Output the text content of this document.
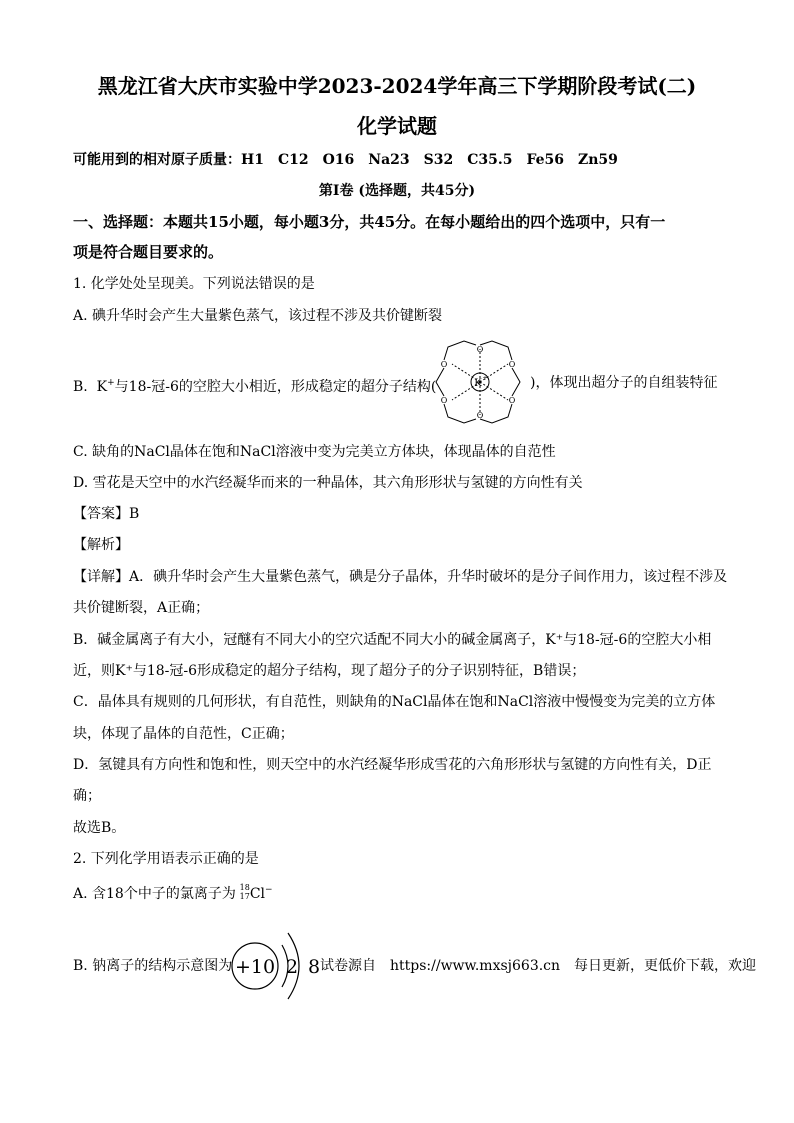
黑龙江省大庆市实验中学2023-2024学年高三下学期阶段考试(二)
化学试题
可能用到的相对原子质量：H1　C12　O16　Na23　S32　C35.5　Fe56　Zn59
第Ⅰ卷 (选择题，共45分)
一、选择题：本题共15小题，每小题3分，共45分。在每小题给出的四个选项中，只有一
项是符合题目要求的。
1. 化学处处呈现美。下列说法错误的是
A. 碘升华时会产生大量紫色蒸气，该过程不涉及共价键断裂
B. K+与18-冠-6的空腔大小相近，形成稳定的超分子结构(
O
O
O
O
O
O
K +	)，体现出超分子的自组装特征
C. 缺角的NaCl晶体在饱和NaCl溶液中变为完美立方体块，体现晶体的自范性
D. 雪花是天空中的水汽经凝华而来的一种晶体，其六角形形状与氢键的方向性有关
【答案】B
【解析】
【详解】A．碘升华时会产生大量紫色蒸气，碘是分子晶体，升华时破坏的是分子间作用力，该过程不涉及
共价键断裂，A正确；
B．碱金属离子有大小，冠醚有不同大小的空穴适配不同大小的碱金属离子，K⁺与18-冠-6的空腔大小相
近，则K⁺与18-冠-6形成稳定的超分子结构，现了超分子的分子识别特征，B错误；
C．晶体具有规则的几何形状，有自范性，则缺角的NaCl晶体在饱和NaCl溶液中慢慢变为完美的立方体
块，体现了晶体的自范性，C正确；
D．氢键具有方向性和饱和性，则天空中的水汽经凝华形成雪花的六角形形状与氢键的方向性有关，D正
确；
故选B。
2. 下列化学用语表示正确的是
A. 含18个中子的氯离子为 18
17 Cl−
B. 钠离子的结构示意图为 +10 2 8 试卷源自　https://www.mxsj663.cn　每日更新，更低价下载，欢迎
